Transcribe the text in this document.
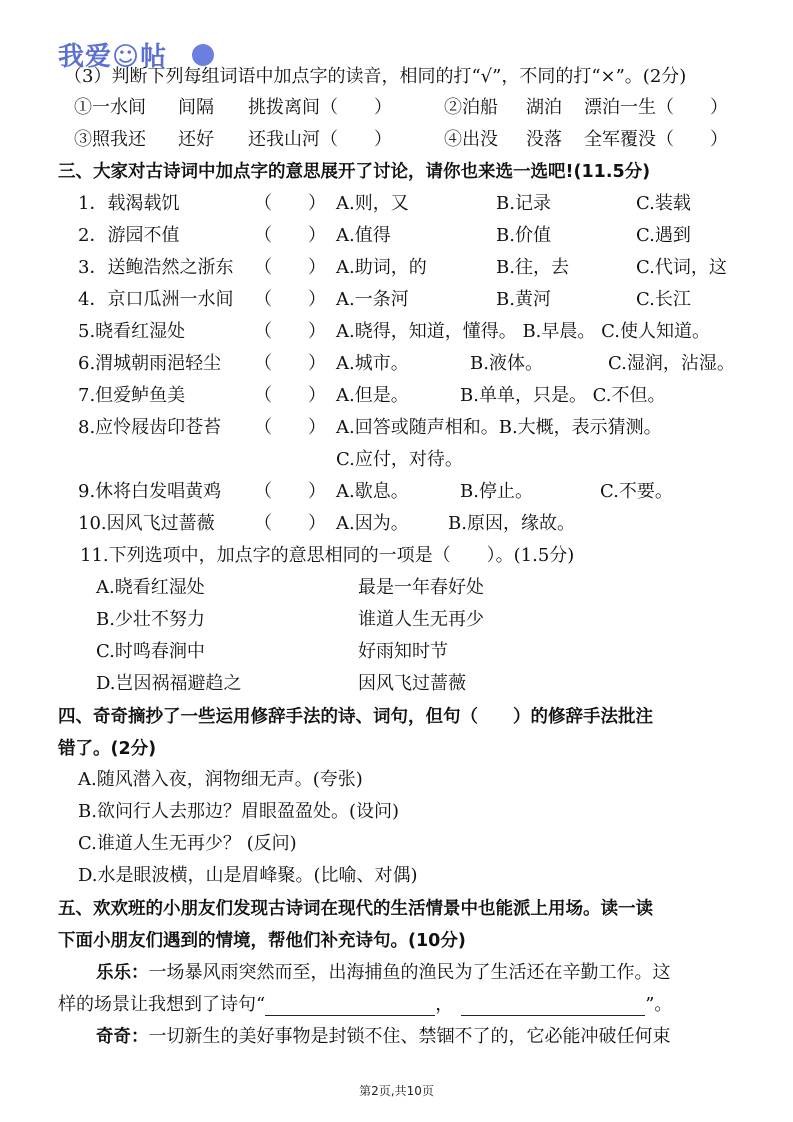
我爱☺帖
（3）判断下列每组词语中加点字的读音，相同的打“√”，不同的打“×”。(2分)
①一水间 间隔 挑拨离间（　　）	②泊船 湖泊 漂泊一生（　　）
③照我还 还好 还我山河（　　）	④出没 没落 全军覆没（　　）
三、大家对古诗词中加点字的意思展开了讨论，请你也来选一选吧!(11.5分)
1．载渴载饥	（　　） A.则，又	B.记录	C.装载
2．游园不值	（　　） A.值得	B.价值	C.遇到
3．送鲍浩然之浙东 （　　） A.助词，的	B.往，去	C.代词，这
4．京口瓜洲一水间 （　　） A.一条河	B.黄河	C.长江
5.晓看红湿处	（　　） A.晓得，知道，懂得。 B.早晨。 C.使人知道。
6.渭城朝雨浥轻尘 （　　） A.城市。	B.液体。	C.湿润，沾湿。
7.但爱鲈鱼美	（　　） A.但是。	B.单单，只是。 C.不但。
8.应怜屐齿印苍苔 （　　） A.回答或随声相和。B.大概，表示猜测。
C.应付，对待。
9.休将白发唱黄鸡 （　　） A.歇息。	B.停止。	C.不要。
10.因风飞过蔷薇 （　　） A.因为。 B.原因，缘故。
11.下列选项中，加点字的意思相同的一项是（　　）。(1.5分)
A.晓看红湿处	最是一年春好处
B.少壮不努力	谁道人生无再少
C.时鸣春涧中	好雨知时节
D.岂因祸福避趋之	因风飞过蔷薇
四、奇奇摘抄了一些运用修辞手法的诗、词句，但句（　　）的修辞手法批注
错了。(2分)
A.随风潜入夜，润物细无声。(夸张)
B.欲问行人去那边？眉眼盈盈处。(设问)
C.谁道人生无再少？ (反问)
D.水是眼波横，山是眉峰聚。(比喻、对偶)
五、欢欢班的小朋友们发现古诗词在现代的生活情景中也能派上用场。读一读
下面小朋友们遇到的情境，帮他们补充诗句。(10分)
乐乐：一场暴风雨突然而至，出海捕鱼的渔民为了生活还在辛勤工作。这
样的场景让我想到了诗句“	，	”。
奇奇：一切新生的美好事物是封锁不住、禁锢不了的，它必能冲破任何束
第2页,共10页
